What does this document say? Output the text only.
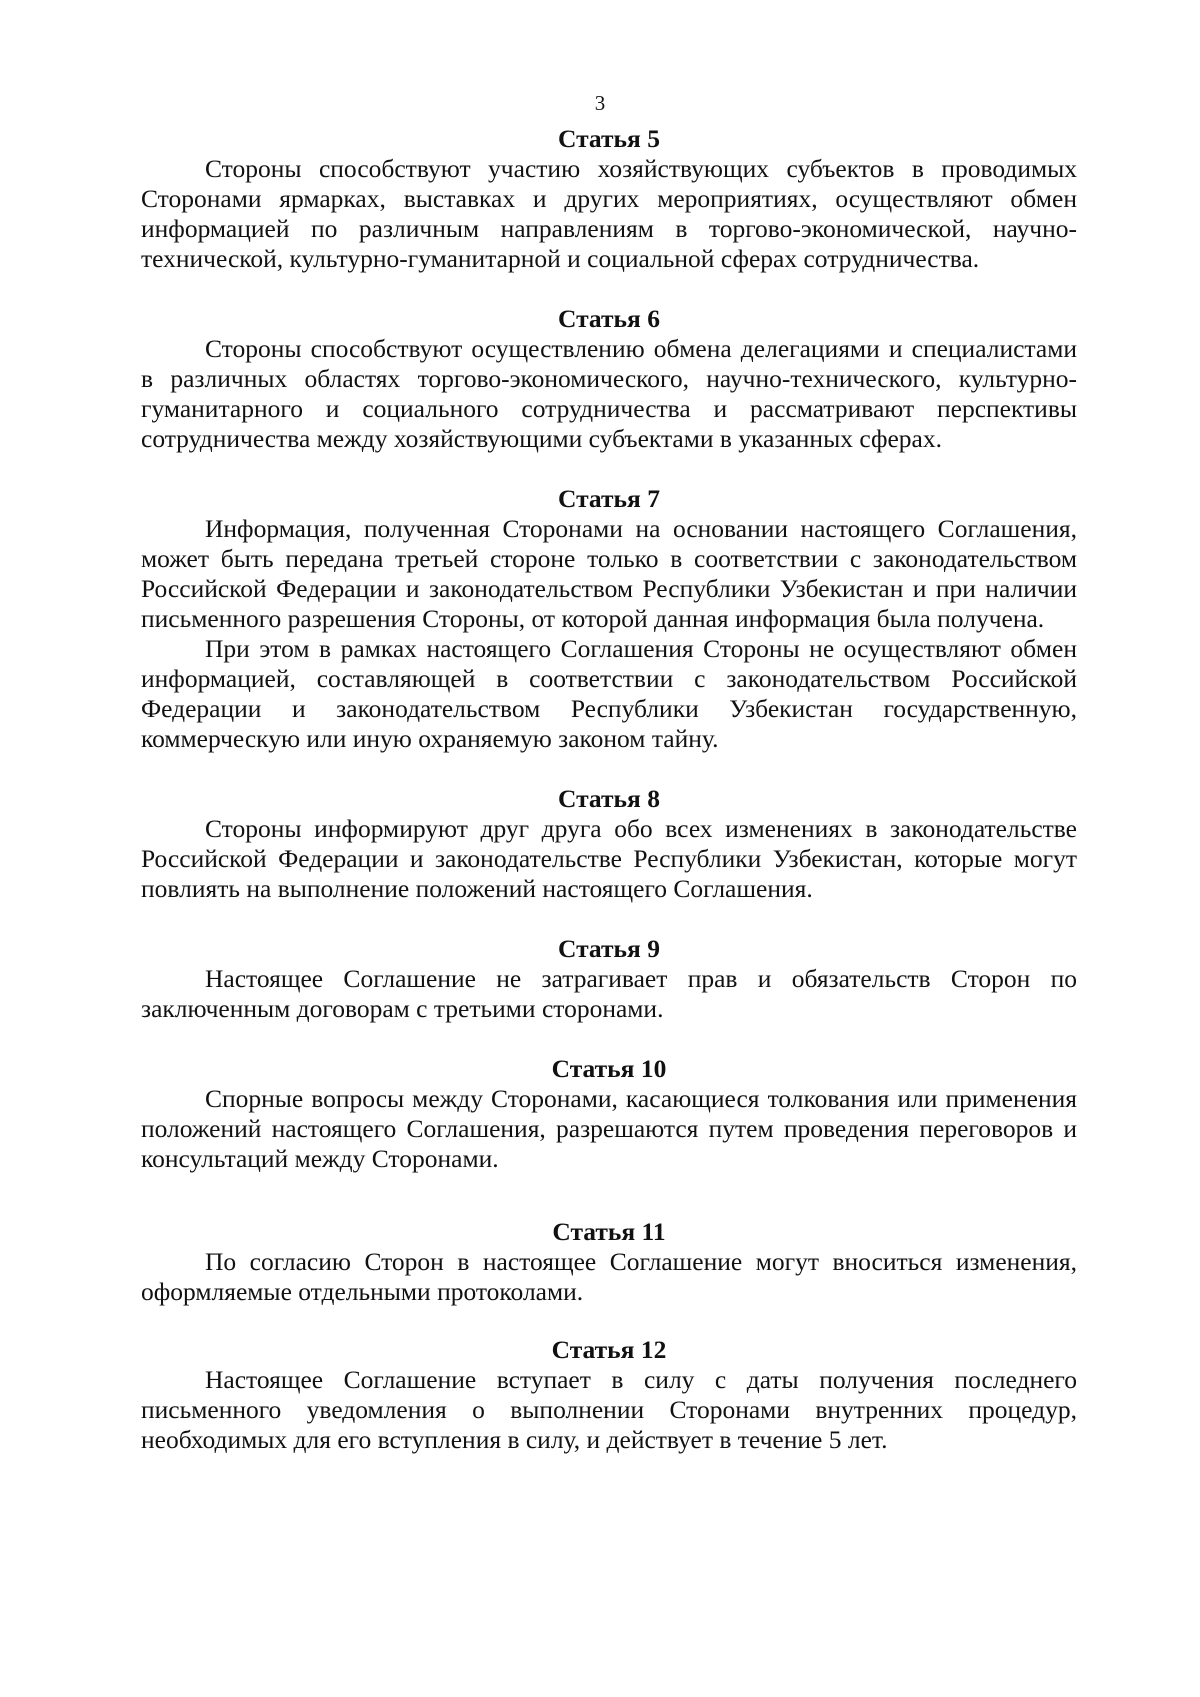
3
Статья 5

Стороны способствуют участию хозяйствующих субъектов в проводимых Сторонами ярмарках, выставках и других мероприятиях, осуществляют обмен информацией по различным направлениям в торгово-экономической, научно-технической, культурно-гуманитарной и социальной сферах сотрудничества.

Статья 6

Стороны способствуют осуществлению обмена делегациями и специалистами в различных областях торгово-экономического, научно-технического, культурно-гуманитарного и социального сотрудничества и рассматривают перспективы сотрудничества между хозяйствующими субъектами в указанных сферах.

Статья 7

Информация, полученная Сторонами на основании настоящего Соглашения, может быть передана третьей стороне только в соответствии с законодательством Российской Федерации и законодательством Республики Узбекистан и при наличии письменного разрешения Стороны, от которой данная информация была получена.

При этом в рамках настоящего Соглашения Стороны не осуществляют обмен информацией, составляющей в соответствии с законодательством Российской Федерации и законодательством Республики Узбекистан государственную, коммерческую или иную охраняемую законом тайну.

Статья 8

Стороны информируют друг друга обо всех изменениях в законодательстве Российской Федерации и законодательстве Республики Узбекистан, которые могут повлиять на выполнение положений настоящего Соглашения.

Статья 9

Настоящее Соглашение не затрагивает прав и обязательств Сторон по заключенным договорам с третьими сторонами.

Статья 10

Спорные вопросы между Сторонами, касающиеся толкования или применения положений настоящего Соглашения, разрешаются путем проведения переговоров и консультаций между Сторонами.

Статья 11

По согласию Сторон в настоящее Соглашение могут вноситься изменения, оформляемые отдельными протоколами.

Статья 12

Настоящее Соглашение вступает в силу с даты получения последнего письменного уведомления о выполнении Сторонами внутренних процедур, необходимых для его вступления в силу, и действует в течение 5 лет.
